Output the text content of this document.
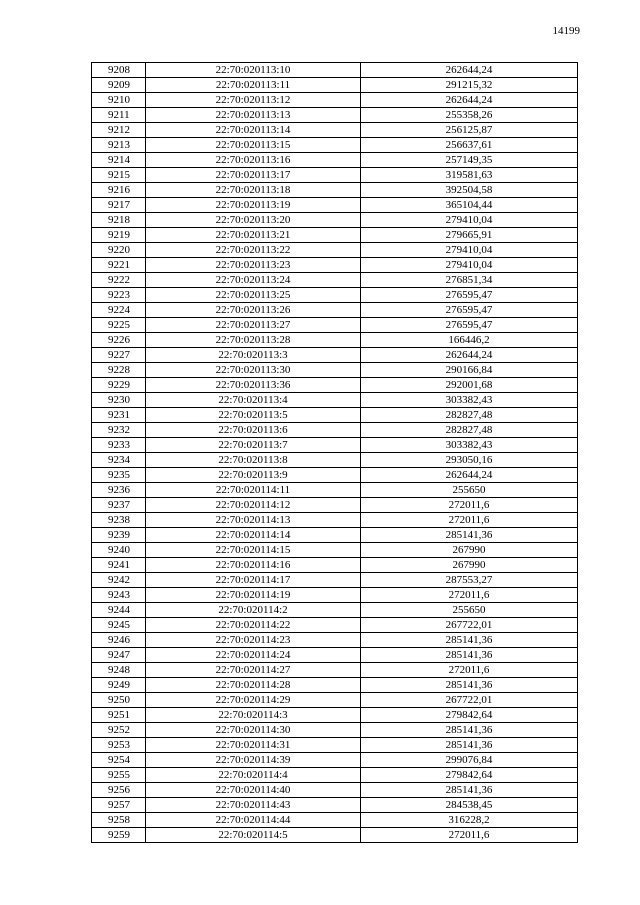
14199
9208	22:70:020113:10	262644,24
9209	22:70:020113:11	291215,32
9210	22:70:020113:12	262644,24
9211	22:70:020113:13	255358,26
9212	22:70:020113:14	256125,87
9213	22:70:020113:15	256637,61
9214	22:70:020113:16	257149,35
9215	22:70:020113:17	319581,63
9216	22:70:020113:18	392504,58
9217	22:70:020113:19	365104,44
9218	22:70:020113:20	279410,04
9219	22:70:020113:21	279665,91
9220	22:70:020113:22	279410,04
9221	22:70:020113:23	279410,04
9222	22:70:020113:24	276851,34
9223	22:70:020113:25	276595,47
9224	22:70:020113:26	276595,47
9225	22:70:020113:27	276595,47
9226	22:70:020113:28	166446,2
9227	22:70:020113:3	262644,24
9228	22:70:020113:30	290166,84
9229	22:70:020113:36	292001,68
9230	22:70:020113:4	303382,43
9231	22:70:020113:5	282827,48
9232	22:70:020113:6	282827,48
9233	22:70:020113:7	303382,43
9234	22:70:020113:8	293050,16
9235	22:70:020113:9	262644,24
9236	22:70:020114:11	255650
9237	22:70:020114:12	272011,6
9238	22:70:020114:13	272011,6
9239	22:70:020114:14	285141,36
9240	22:70:020114:15	267990
9241	22:70:020114:16	267990
9242	22:70:020114:17	287553,27
9243	22:70:020114:19	272011,6
9244	22:70:020114:2	255650
9245	22:70:020114:22	267722,01
9246	22:70:020114:23	285141,36
9247	22:70:020114:24	285141,36
9248	22:70:020114:27	272011,6
9249	22:70:020114:28	285141,36
9250	22:70:020114:29	267722,01
9251	22:70:020114:3	279842,64
9252	22:70:020114:30	285141,36
9253	22:70:020114:31	285141,36
9254	22:70:020114:39	299076,84
9255	22:70:020114:4	279842,64
9256	22:70:020114:40	285141,36
9257	22:70:020114:43	284538,45
9258	22:70:020114:44	316228,2
9259	22:70:020114:5	272011,6
